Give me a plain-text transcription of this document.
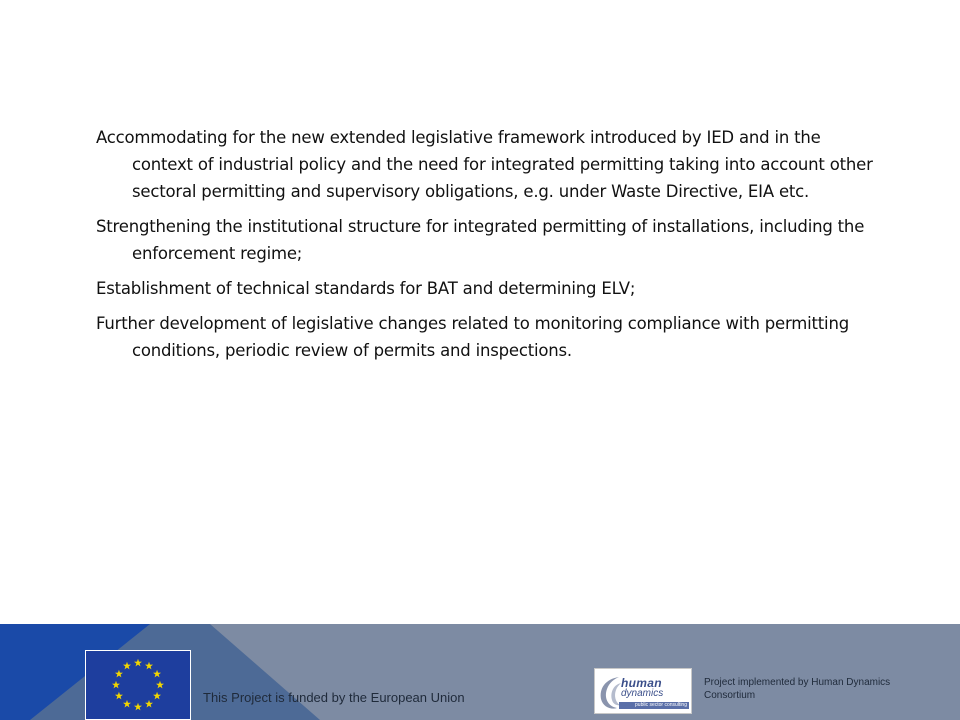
Accommodating for the new extended legislative framework introduced by IED and in the context of industrial policy and the need for integrated permitting taking into account other sectoral permitting and supervisory obligations, e.g. under Waste Directive, EIA etc.

Strengthening the institutional structure for integrated permitting of installations, including the enforcement regime;

Establishment of technical standards for BAT and determining ELV;

Further development of legislative changes related to monitoring compliance with permitting conditions, periodic review of permits and inspections.

This Project is funded by the European Union
human
dynamics
public sector consulting
Project implemented by Human Dynamics Consortium
